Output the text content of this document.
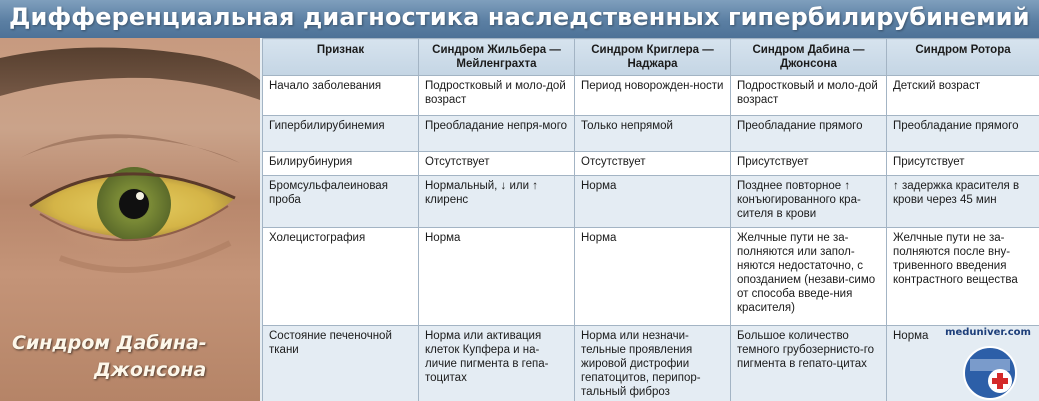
Дифференциальная диагностика наследственных гипербилирубинемий
Синдром Дабина-
Джонсона
Признак	Синдром Жильбера — Мейленграхта	Синдром Криглера — Наджара	Синдром Дабина — Джонсона	Синдром Ротора
Начало заболевания	Подростковый и моло-дой возраст	Период новорожден-ности	Подростковый и моло-дой возраст	Детский возраст
Гипербилирубинемия	Преобладание непря-мого	Только непрямой	Преобладание прямого	Преобладание прямого
Билирубинурия	Отсутствует	Отсутствует	Присутствует	Присутствует
Бромсульфалеиновая проба	Нормальный, ↓ или ↑ клиренс	Норма	Позднее повторное ↑ конъюгированного кра-сителя в крови	↑ задержка красителя в крови через 45 мин
Холецистография	Норма	Норма	Желчные пути не за-полняются или запол-няются недостаточно, с опозданием (незави-симо от способа введе-ния красителя)	Желчные пути не за-полняются после вну-тривенного введения контрастного вещества
Состояние печеночной ткани	Норма или активация клеток Купфера и на-личие пигмента в гепа-тоцитах	Норма или незначи-тельные проявления жировой дистрофии гепатоцитов, перипор-тальный фиброз	Большое количество темного грубозернисто-го пигмента в гепато-цитах	Норма	meduniver.com
